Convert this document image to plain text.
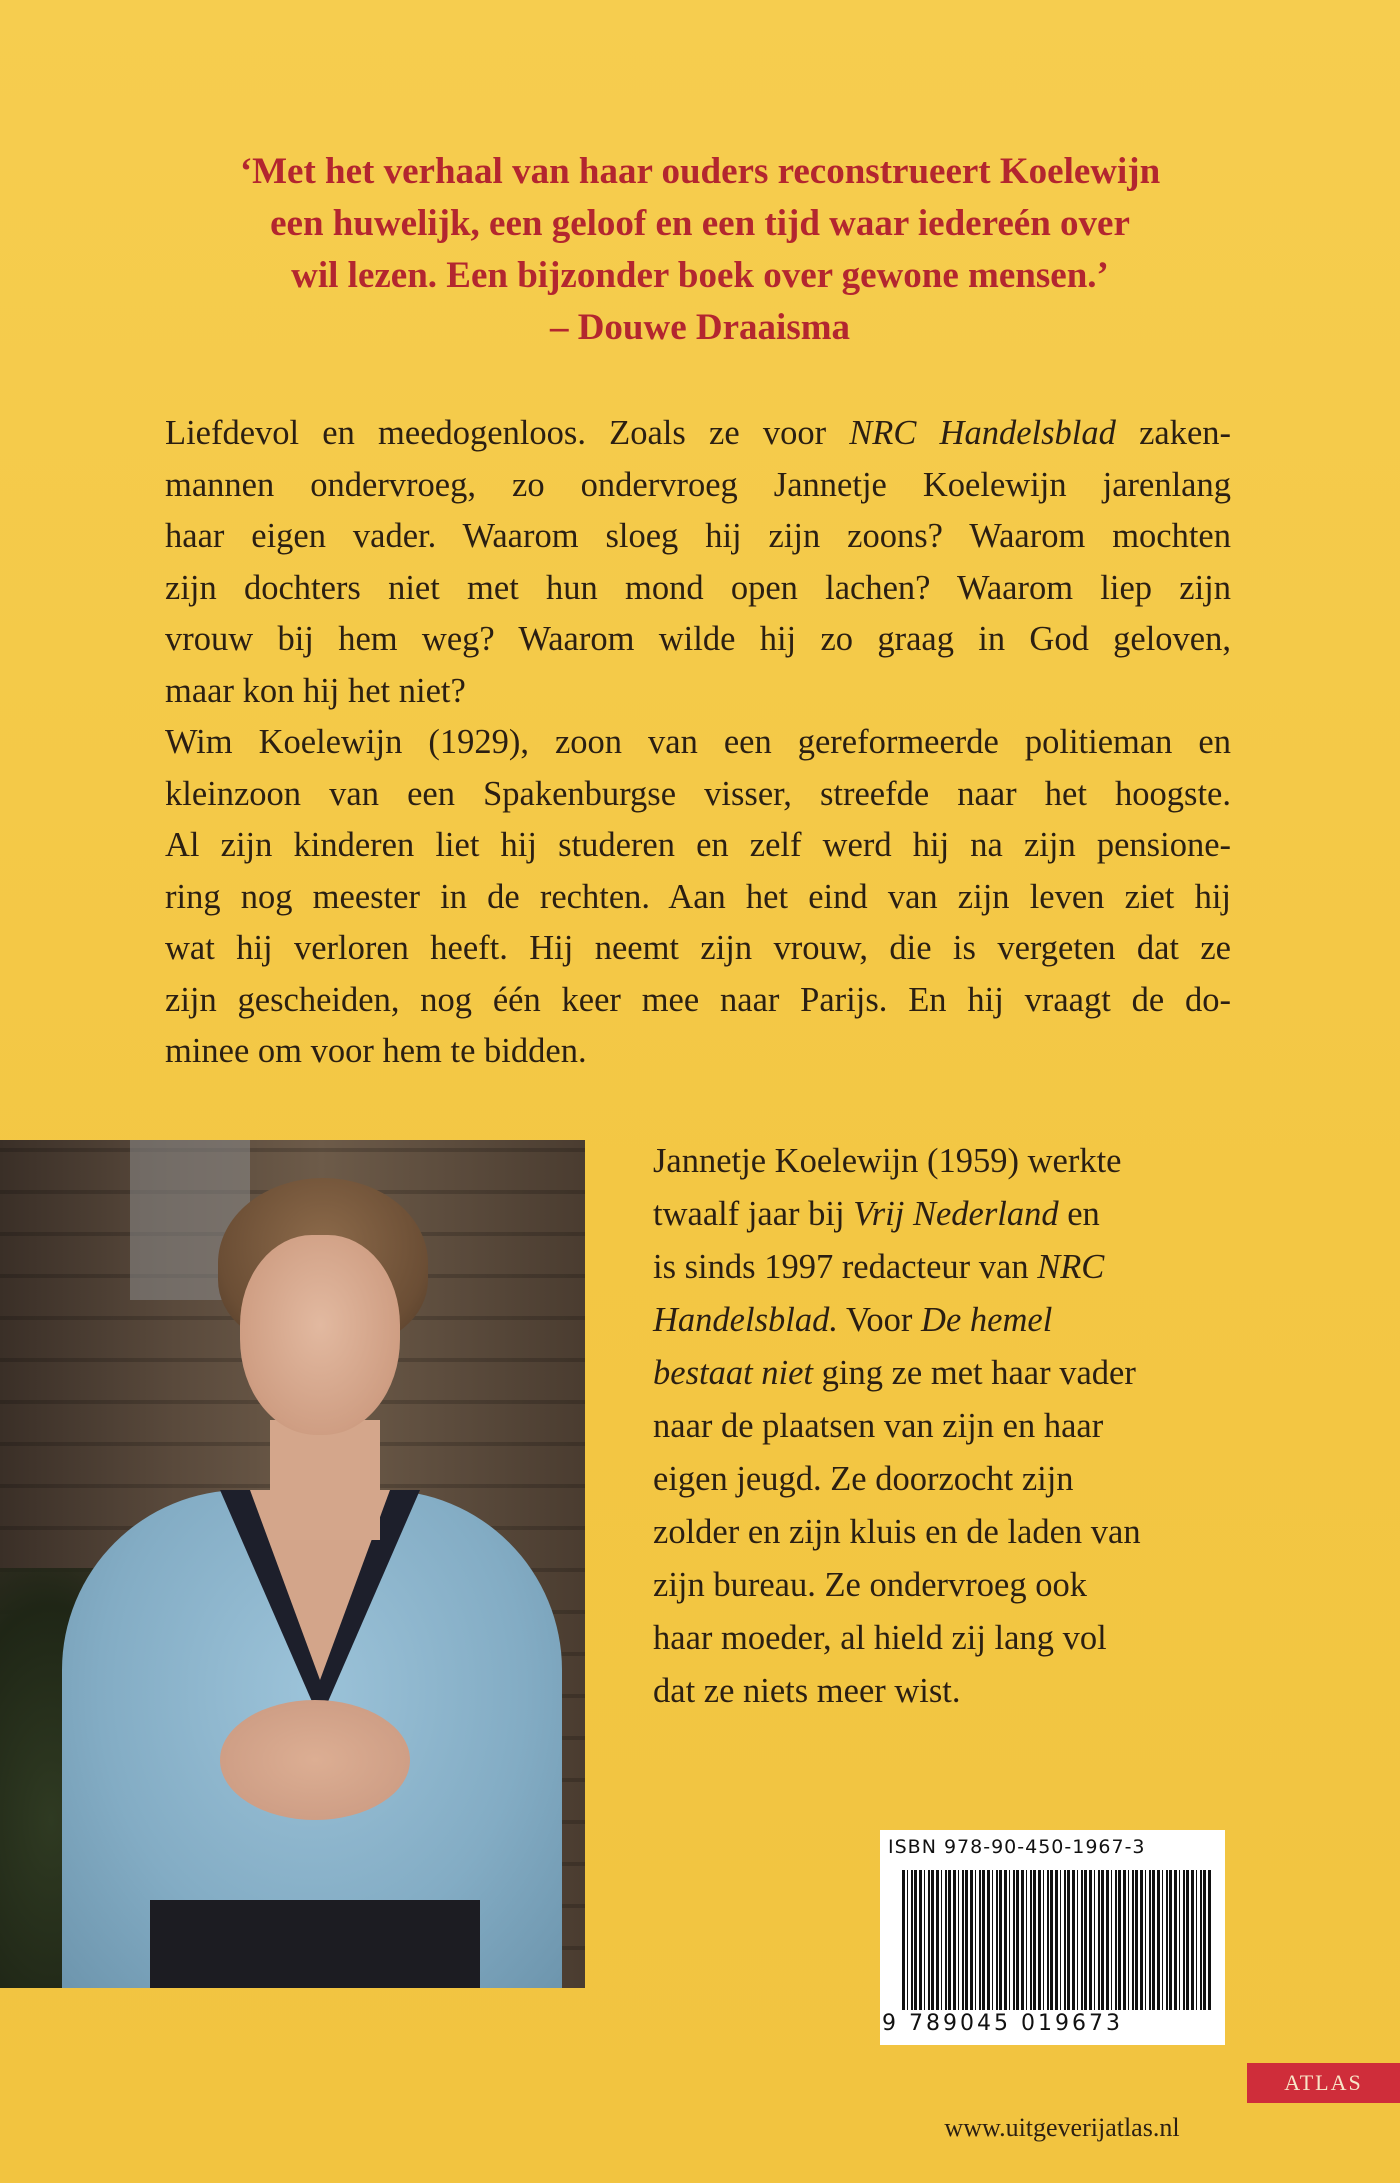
‘Met het verhaal van haar ouders reconstrueert Koelewijn
een huwelijk, een geloof en een tijd waar iedereén over
wil lezen. Een bijzonder boek over gewone mensen.’
– Douwe Draaisma
Liefdevol en meedogenloos. Zoals ze voor NRC Handelsblad zaken-
mannen ondervroeg, zo ondervroeg Jannetje Koelewijn jarenlang
haar eigen vader. Waarom sloeg hij zijn zoons? Waarom mochten
zijn dochters niet met hun mond open lachen? Waarom liep zijn
vrouw bij hem weg? Waarom wilde hij zo graag in God geloven,
maar kon hij het niet?
Wim Koelewijn (1929), zoon van een gereformeerde politieman en
kleinzoon van een Spakenburgse visser, streefde naar het hoogste.
Al zijn kinderen liet hij studeren en zelf werd hij na zijn pensione-
ring nog meester in de rechten. Aan het eind van zijn leven ziet hij
wat hij verloren heeft. Hij neemt zijn vrouw, die is vergeten dat ze
zijn gescheiden, nog één keer mee naar Parijs. En hij vraagt de do-
minee om voor hem te bidden.
Jannetje Koelewijn (1959) werkte
twaalf jaar bij Vrij Nederland en
is sinds 1997 redacteur van NRC
Handelsblad. Voor De hemel
bestaat niet ging ze met haar vader
naar de plaatsen van zijn en haar
eigen jeugd. Ze doorzocht zijn
zolder en zijn kluis en de laden van
zijn bureau. Ze ondervroeg ook
haar moeder, al hield zij lang vol
dat ze niets meer wist.
ISBN 978-90-450-1967-3
9 789045 019673
ATLAS
www.uitgeverijatlas.nl
